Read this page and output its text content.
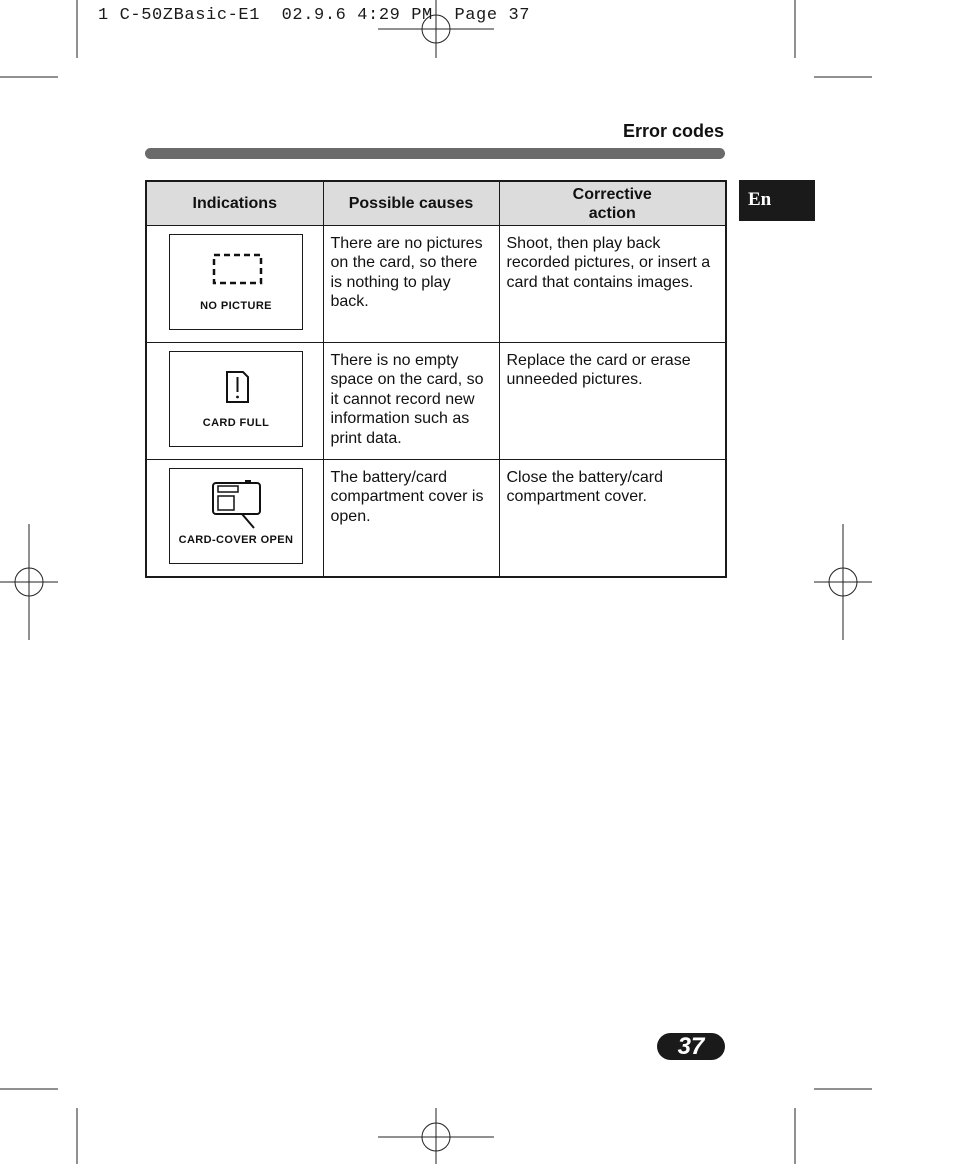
1 C-50ZBasic-E1  02.9.6 4:29 PM  Page 37
Error codes
En
Indications	Possible causes	Corrective
action

NO PICTURE	There are no pictures on the card, so there is nothing to play back.	Shoot, then play back recorded pictures, or insert a card that contains images.

CARD FULL	There is no empty space on the card, so it cannot record new information such as print data.	Replace the card or erase unneeded pictures.

CARD-COVER OPEN	The battery/card compartment cover is open.	Close the battery/card compartment cover.
37
